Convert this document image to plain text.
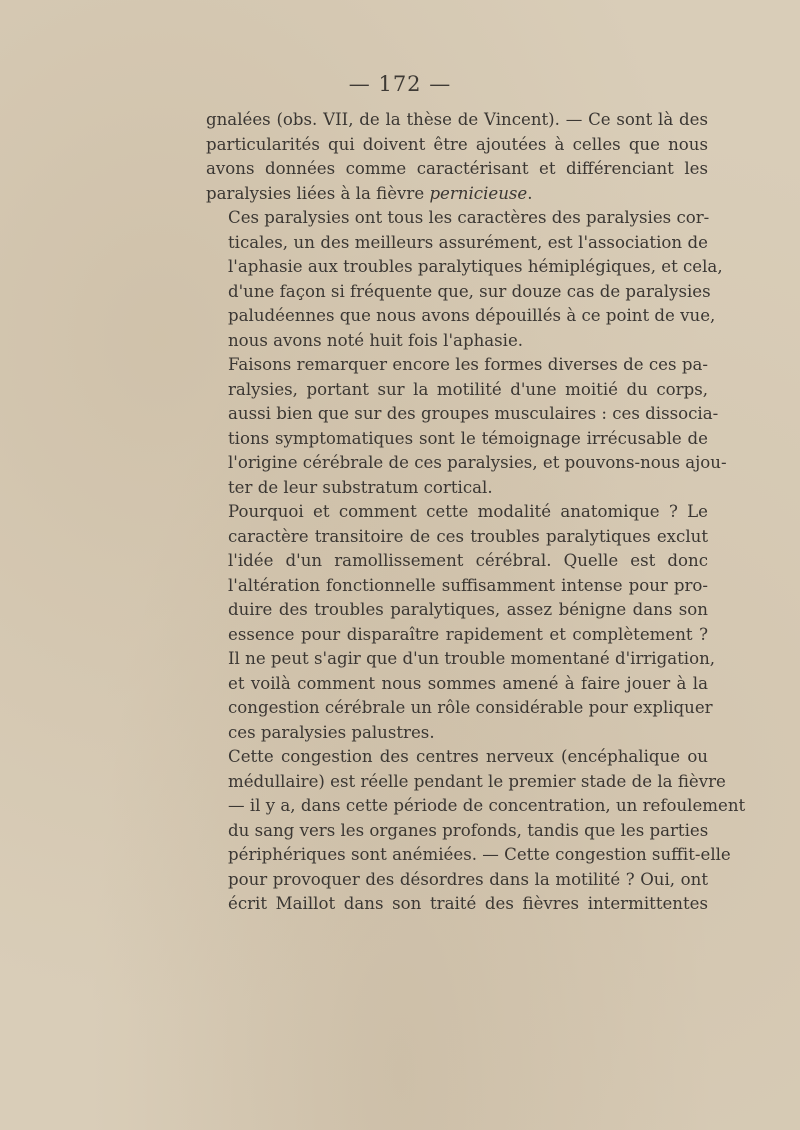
— 172 —

gnalées (obs. VII, de la thèse de Vincent). — Ce sont là des
particularités qui doivent être ajoutées à celles que nous
avons données comme caractérisant et différenciant les
paralysies liées à la fièvre pernicieuse.

Ces paralysies ont tous les caractères des paralysies cor-
ticales, un des meilleurs assurément, est l'association de
l'aphasie aux troubles paralytiques hémiplégiques, et cela,
d'une façon si fréquente que, sur douze cas de paralysies
paludéennes que nous avons dépouillés à ce point de vue,
nous avons noté huit fois l'aphasie.

Faisons remarquer encore les formes diverses de ces pa-
ralysies, portant sur la motilité d'une moitié du corps,
aussi bien que sur des groupes musculaires : ces dissocia-
tions symptomatiques sont le témoignage irrécusable de
l'origine cérébrale de ces paralysies, et pouvons-nous ajou-
ter de leur substratum cortical.

Pourquoi et comment cette modalité anatomique ? Le
caractère transitoire de ces troubles paralytiques exclut
l'idée d'un ramollissement cérébral. Quelle est donc
l'altération fonctionnelle suffisamment intense pour pro-
duire des troubles paralytiques, assez bénigne dans son
essence pour disparaître rapidement et complètement ?
Il ne peut s'agir que d'un trouble momentané d'irrigation,
et voilà comment nous sommes amené à faire jouer à la
congestion cérébrale un rôle considérable pour expliquer
ces paralysies palustres.

Cette congestion des centres nerveux (encéphalique ou
médullaire) est réelle pendant le premier stade de la fièvre
— il y a, dans cette période de concentration, un refoulement
du sang vers les organes profonds, tandis que les parties
périphériques sont anémiées. — Cette congestion suffit-elle
pour provoquer des désordres dans la motilité ? Oui, ont
écrit Maillot dans son traité des fièvres intermittentes
